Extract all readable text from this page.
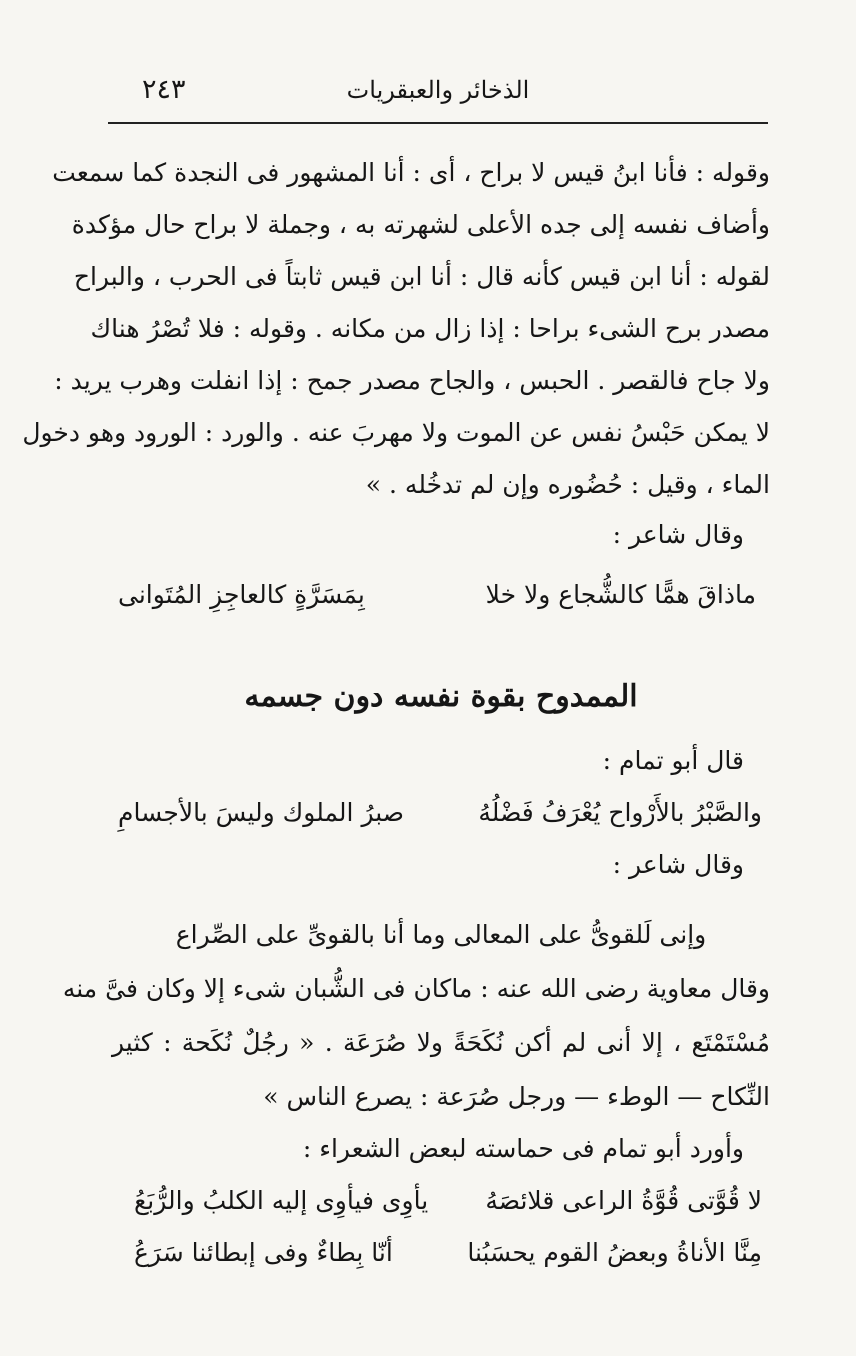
الذخائر والعبقريات
٢٤٣
وقوله : فأنا ابنُ قيس لا براح ، أى : أنا المشهور فى النجدة كما سمعت
وأضاف نفسه إلى جده الأعلى لشهرته به ، وجملة لا براح حال مؤكدة
لقوله : أنا ابن قيس كأنه قال : أنا ابن قيس ثابتاً فى الحرب ، والبراح
مصدر برح الشىء براحا : إذا زال من مكانه . وقوله : فلا تُصْرُ هناك
ولا جاح فالقصر . الحبس ، والجاح مصدر جمح : إذا انفلت وهرب يريد :
لا يمكن حَبْسُ نفس عن الموت ولا مهربَ عنه . والورد : الورود وهو دخول
الماء ، وقيل : حُضُوره وإن لم تدخُله . »
وقال شاعر :
ماذاقَ همًّا كالشُّجاع ولا خلا
بِمَسَرَّةٍ كالعاجِزِ المُتَوانى
الممدوح بقوة نفسه دون جسمه
قال أبو تمام :
والصَّبْرُ بالأَرْواح يُعْرَفُ فَضْلُهُ
صبرُ الملوك وليسَ بالأجسامِ
وقال شاعر :
وإنى لَلقوىُّ على المعالى وما أنا بالقوىِّ على الصِّراع
وقال معاوية رضى الله عنه : ماكان فى الشُّبان شىء إلا وكان فىَّ منه
مُسْتَمْتَع ، إلا أنى لم أكن نُكَحَةً ولا صُرَعَة . « رجُلٌ نُكَحة : كثير
النِّكاح — الوطء — ورجل صُرَعة : يصرع الناس »
وأورد أبو تمام فى حماسته لبعض الشعراء :
لا قُوَّتى قُوَّةُ الراعى قلائصَهُ
يأوِى فيأوِى إليه الكلبُ والرُّبَعُ
مِنَّا الأناةُ وبعضُ القوم يحسَبُنا
أنّا بِطاءٌ وفى إبطائنا سَرَعُ
